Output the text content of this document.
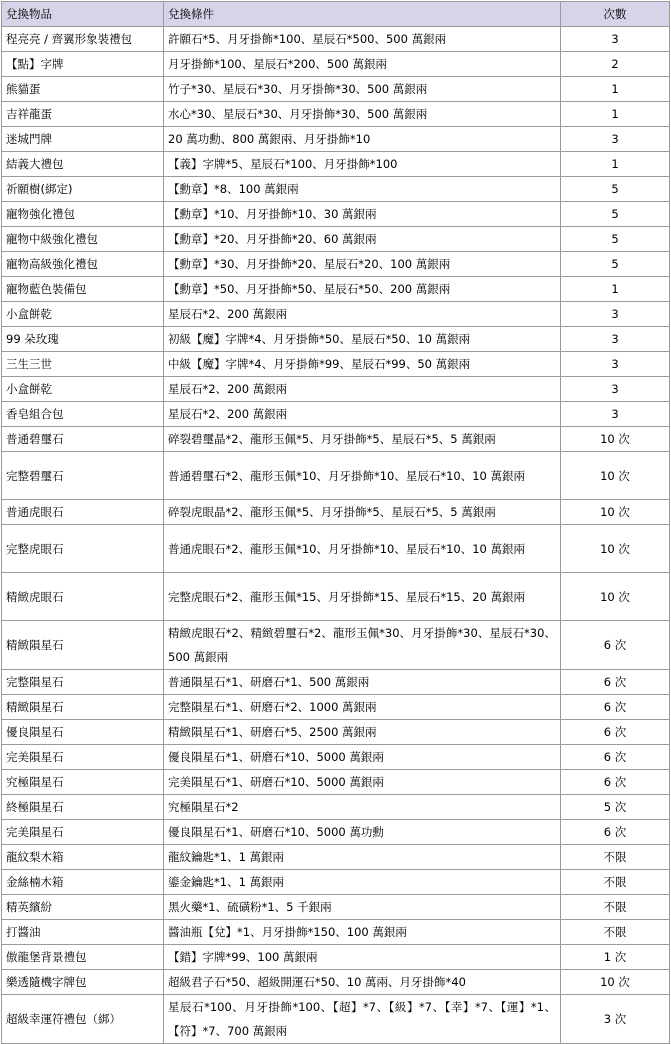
兌換物品	兌換條件	次數
程亮亮 / 齊翼形象裝禮包	許願石*5、月牙掛飾*100、星辰石*500、500 萬銀兩	3
【點】字牌	月牙掛飾*100、星辰石*200、500 萬銀兩	2
熊貓蛋	竹子*30、星辰石*30、月牙掛飾*30、500 萬銀兩	1
吉祥龍蛋	水心*30、星辰石*30、月牙掛飾*30、500 萬銀兩	1
迷城門牌	20 萬功勳、800 萬銀兩、月牙掛飾*10	3
結義大禮包	【義】字牌*5、星辰石*100、月牙掛飾*100	1
祈願樹(綁定)	【勳章】*8、100 萬銀兩	5
寵物強化禮包	【勳章】*10、月牙掛飾*10、30 萬銀兩	5
寵物中級強化禮包	【勳章】*20、月牙掛飾*20、60 萬銀兩	5
寵物高級強化禮包	【勳章】*30、月牙掛飾*20、星辰石*20、100 萬銀兩	5
寵物藍色裝備包	【勳章】*50、月牙掛飾*50、星辰石*50、200 萬銀兩	1
小盒餅乾	星辰石*2、200 萬銀兩	3
99 朵玫瑰	初級【魔】字牌*4、月牙掛飾*50、星辰石*50、10 萬銀兩	3
三生三世	中級【魔】字牌*4、月牙掛飾*99、星辰石*99、50 萬銀兩	3
小盒餅乾	星辰石*2、200 萬銀兩	3
香皂組合包	星辰石*2、200 萬銀兩	3
普通碧璽石	碎裂碧璽晶*2、龍形玉佩*5、月牙掛飾*5、星辰石*5、5 萬銀兩	10 次
完整碧璽石	普通碧璽石*2、龍形玉佩*10、月牙掛飾*10、星辰石*10、10 萬銀兩	10 次
普通虎眼石	碎裂虎眼晶*2、龍形玉佩*5、月牙掛飾*5、星辰石*5、5 萬銀兩	10 次
完整虎眼石	普通虎眼石*2、龍形玉佩*10、月牙掛飾*10、星辰石*10、10 萬銀兩	10 次
精緻虎眼石	完整虎眼石*2、龍形玉佩*15、月牙掛飾*15、星辰石*15、20 萬銀兩	10 次
精緻隕星石	精緻虎眼石*2、精緻碧璽石*2、龍形玉佩*30、月牙掛飾*30、星辰石*30、500 萬銀兩	6 次
完整隕星石	普通隕星石*1、研磨石*1、500 萬銀兩	6 次
精緻隕星石	完整隕星石*1、研磨石*2、1000 萬銀兩	6 次
優良隕星石	精緻隕星石*1、研磨石*5、2500 萬銀兩	6 次
完美隕星石	優良隕星石*1、研磨石*10、5000 萬銀兩	6 次
究極隕星石	完美隕星石*1、研磨石*10、5000 萬銀兩	6 次
終極隕星石	究極隕星石*2	5 次
完美隕星石	優良隕星石*1、研磨石*10、5000 萬功勳	6 次
龍紋梨木箱	龍紋鑰匙*1、1 萬銀兩	不限
金絲楠木箱	鎏金鑰匙*1、1 萬銀兩	不限
精英繽紛	黑火藥*1、硫磺粉*1、5 千銀兩	不限
打醬油	醬油瓶【兌】*1、月牙掛飾*150、100 萬銀兩	不限
傲龍堡背景禮包	【錯】字牌*99、100 萬銀兩	1 次
樂透隨機字牌包	超級君子石*50、超級開運石*50、10 萬兩、月牙掛飾*40	10 次
超級幸運符禮包（綁）	星辰石*100、月牙掛飾*100、【超】*7、【級】*7、【幸】*7、【運】*1、【符】*7、700 萬銀兩	3 次
